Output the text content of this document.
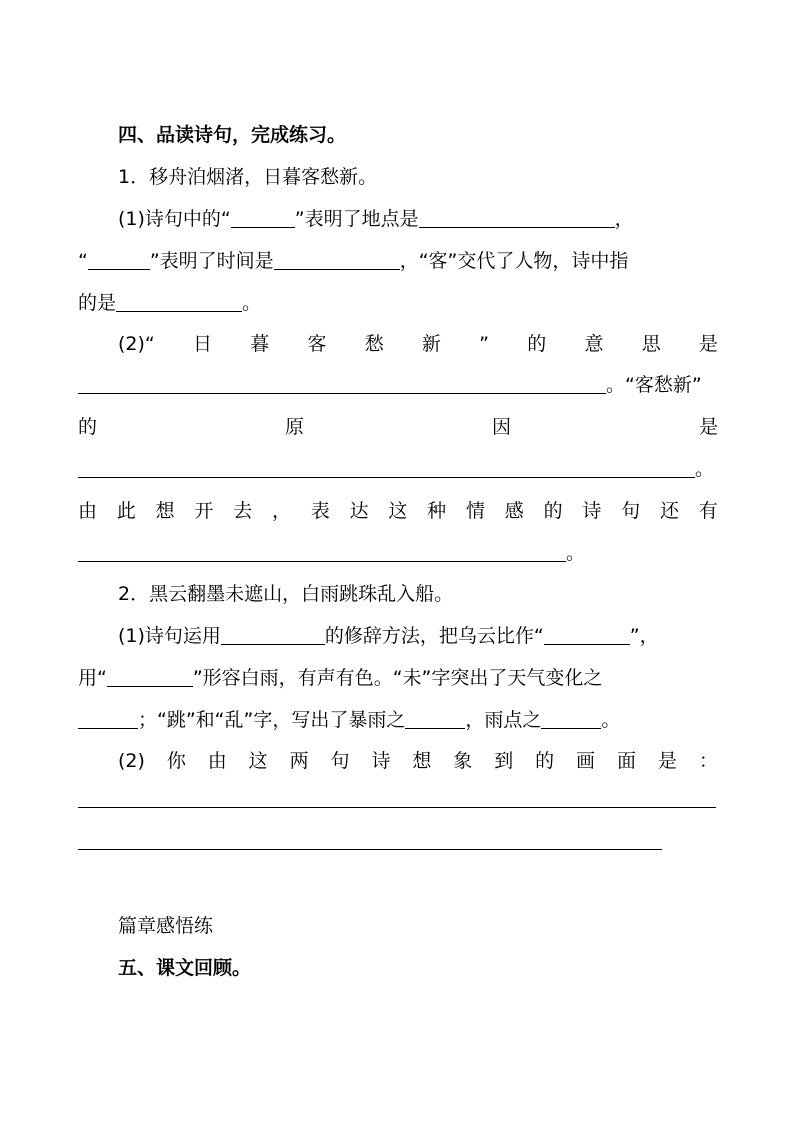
四、品读诗句，完成练习。
1．移舟泊烟渚，日暮客愁新。
(1)诗句中的“	”表明了地点是	，
“	”表明了时间是	，“客”交代了人物，诗中指
的是	。
(2)“ 日 暮 客 愁 新 ” 的 意 思 是
。“客愁新”
的	原	因	是
。
由 此 想 开 去 ， 表 达 这 种 情 感 的 诗 句 还 有
。
2．黑云翻墨未遮山，白雨跳珠乱入船。
(1)诗句运用	的修辞方法，把乌云比作“	”，
用“	”形容白雨，有声有色。“未”字突出了天气变化之
；“跳”和“乱”字，写出了暴雨之	，雨点之	。
(2) 你 由 这 两 句 诗 想 象 到 的 画 面 是 ：
篇章感悟练
五、课文回顾。
